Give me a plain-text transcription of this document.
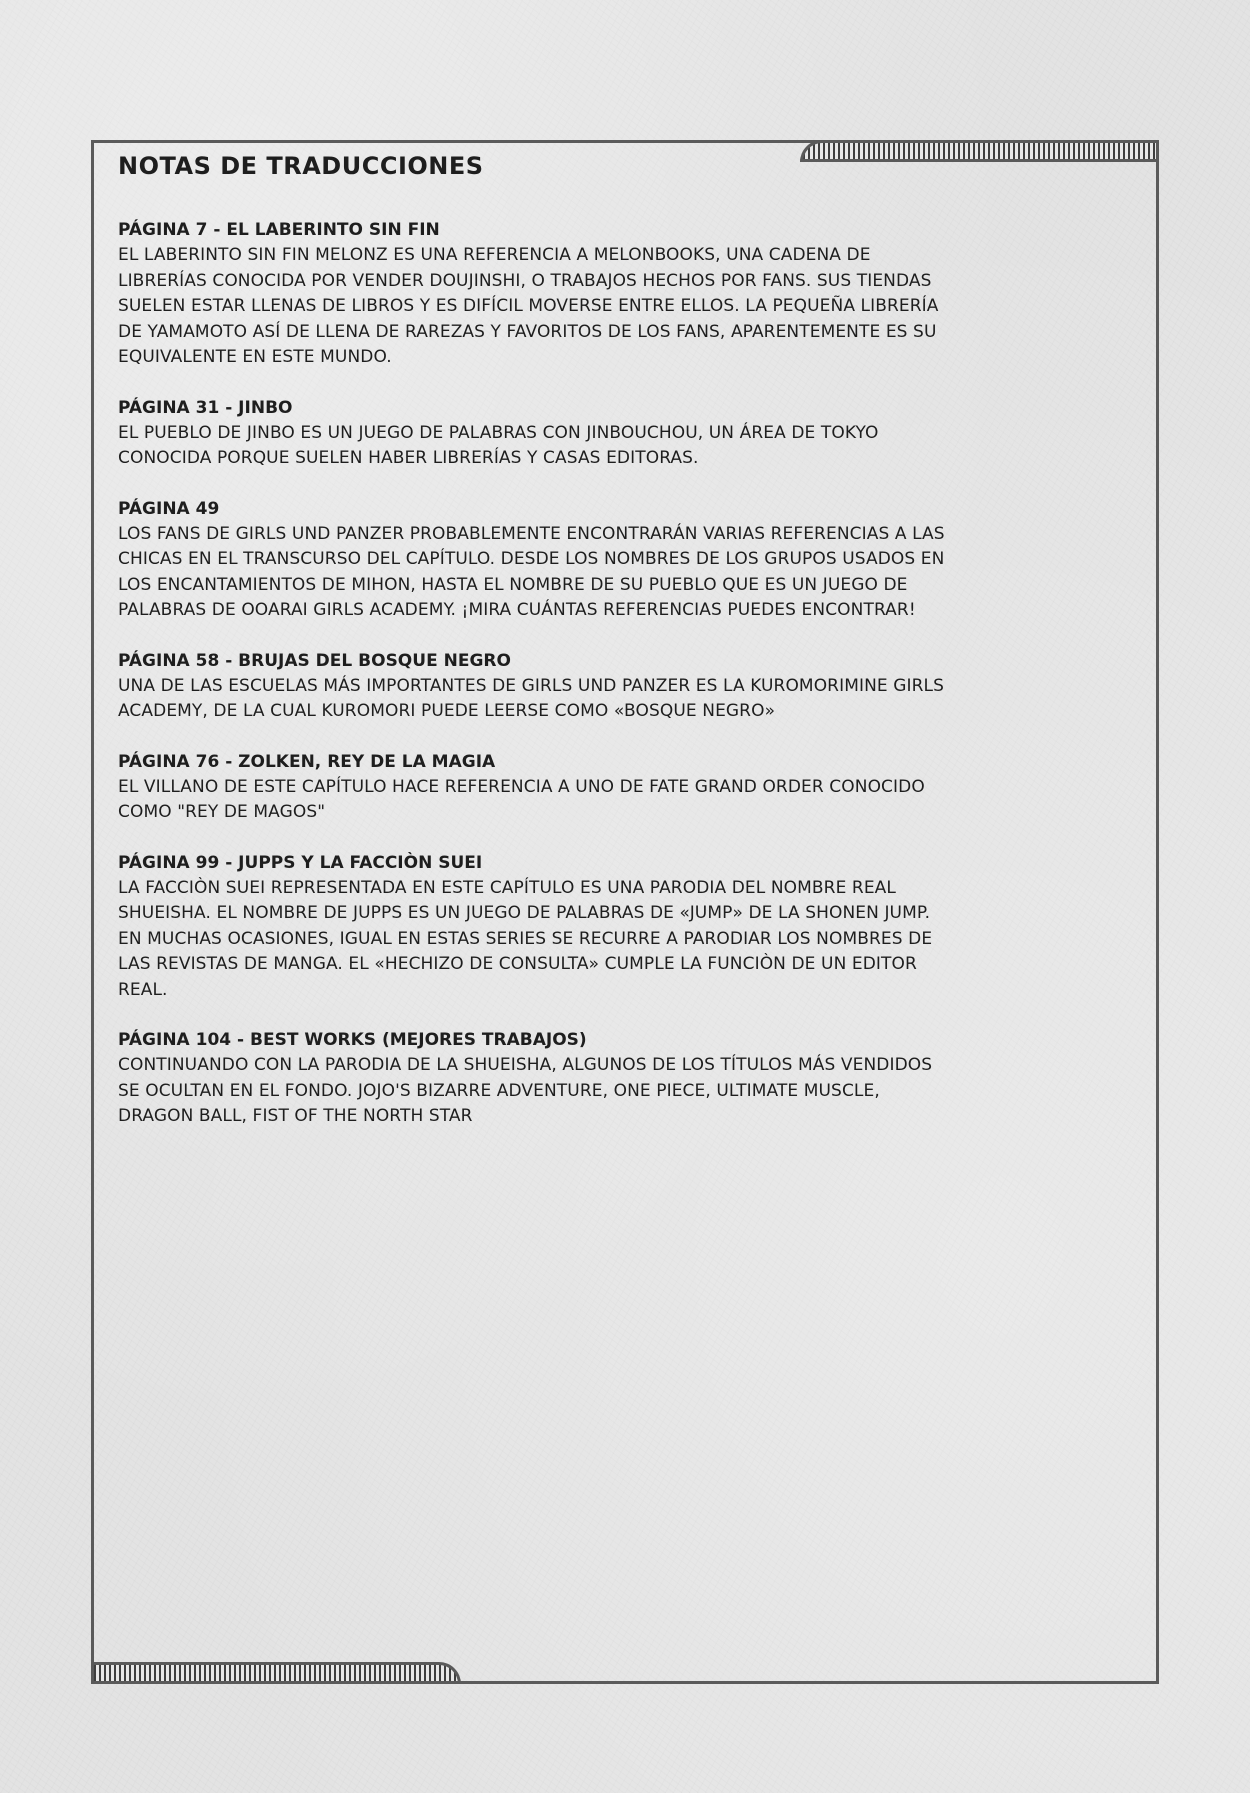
NOTAS DE TRADUCCIONES

PÁGINA 7 - EL LABERINTO SIN FIN

EL LABERINTO SIN FIN MELONZ ES UNA REFERENCIA A MELONBOOKS, UNA CADENA DE LIBRERÍAS CONOCIDA POR VENDER DOUJINSHI, O TRABAJOS HECHOS POR FANS. SUS TIENDAS SUELEN ESTAR LLENAS DE LIBROS Y ES DIFÍCIL MOVERSE ENTRE ELLOS. LA PEQUEÑA LIBRERÍA DE YAMAMOTO ASÍ DE LLENA DE RAREZAS Y FAVORITOS DE LOS FANS, APARENTEMENTE ES SU EQUIVALENTE EN ESTE MUNDO.

PÁGINA 31 - JINBO

EL PUEBLO DE JINBO ES UN JUEGO DE PALABRAS CON JINBOUCHOU, UN ÁREA DE TOKYO CONOCIDA PORQUE SUELEN HABER LIBRERÍAS Y CASAS EDITORAS.

PÁGINA 49

LOS FANS DE GIRLS UND PANZER PROBABLEMENTE ENCONTRARÁN VARIAS REFERENCIAS A LAS CHICAS EN EL TRANSCURSO DEL CAPÍTULO. DESDE LOS NOMBRES DE LOS GRUPOS USADOS EN LOS ENCANTAMIENTOS DE MIHON, HASTA EL NOMBRE DE SU PUEBLO QUE ES UN JUEGO DE PALABRAS DE OOARAI GIRLS ACADEMY. ¡MIRA CUÁNTAS REFERENCIAS PUEDES ENCONTRAR!

PÁGINA 58 - BRUJAS DEL BOSQUE NEGRO

UNA DE LAS ESCUELAS MÁS IMPORTANTES DE GIRLS UND PANZER ES LA KUROMORIMINE GIRLS ACADEMY, DE LA CUAL KUROMORI PUEDE LEERSE COMO «BOSQUE NEGRO»

PÁGINA 76 - ZOLKEN, REY DE LA MAGIA

EL VILLANO DE ESTE CAPÍTULO HACE REFERENCIA A UNO DE FATE GRAND ORDER CONOCIDO COMO "REY DE MAGOS"

PÁGINA 99 - JUPPS Y LA FACCIÒN SUEI

LA FACCIÒN SUEI REPRESENTADA EN ESTE CAPÍTULO ES UNA PARODIA DEL NOMBRE REAL SHUEISHA. EL NOMBRE DE JUPPS ES UN JUEGO DE PALABRAS DE «JUMP» DE LA SHONEN JUMP. EN MUCHAS OCASIONES, IGUAL EN ESTAS SERIES SE RECURRE A PARODIAR LOS NOMBRES DE LAS REVISTAS DE MANGA. EL «HECHIZO DE CONSULTA» CUMPLE LA FUNCIÒN DE UN EDITOR REAL.

PÁGINA 104 - BEST WORKS (MEJORES TRABAJOS)

CONTINUANDO CON LA PARODIA DE LA SHUEISHA, ALGUNOS DE LOS TÍTULOS MÁS VENDIDOS SE OCULTAN EN EL FONDO. JOJO'S BIZARRE ADVENTURE, ONE PIECE, ULTIMATE MUSCLE, DRAGON BALL, FIST OF THE NORTH STAR
